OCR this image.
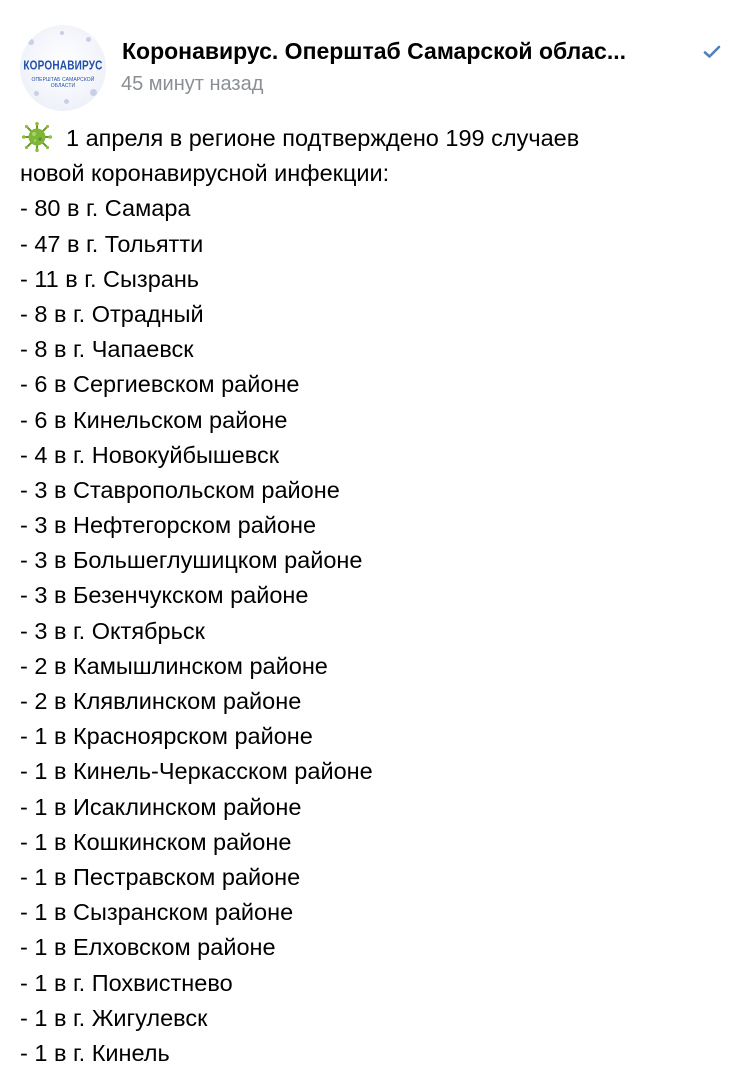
КОРОНАВИРУС
ОПЕРШТАБ САМАРСКОЙ ОБЛАСТИ
Коронавирус. Оперштаб Самарской облас...
45 минут назад
1 апреля в регионе подтверждено 199 случаев
новой коронавирусной инфекции:
- 80 в г. Самара
- 47 в г. Тольятти
- 11 в г. Сызрань
- 8 в г. Отрадный
- 8 в г. Чапаевск
- 6 в Сергиевском районе
- 6 в Кинельском районе
- 4 в г. Новокуйбышевск
- 3 в Ставропольском районе
- 3 в Нефтегорском районе
- 3 в Большеглушицком районе
- 3 в Безенчукском районе
- 3 в г. Октябрьск
- 2 в Камышлинском районе
- 2 в Клявлинском районе
- 1 в Красноярском районе
- 1 в Кинель-Черкасском районе
- 1 в Исаклинском районе
- 1 в Кошкинском районе
- 1 в Пестравском районе
- 1 в Сызранском районе
- 1 в Елховском районе
- 1 в г. Похвистнево
- 1 в г. Жигулевск
- 1 в г. Кинель
